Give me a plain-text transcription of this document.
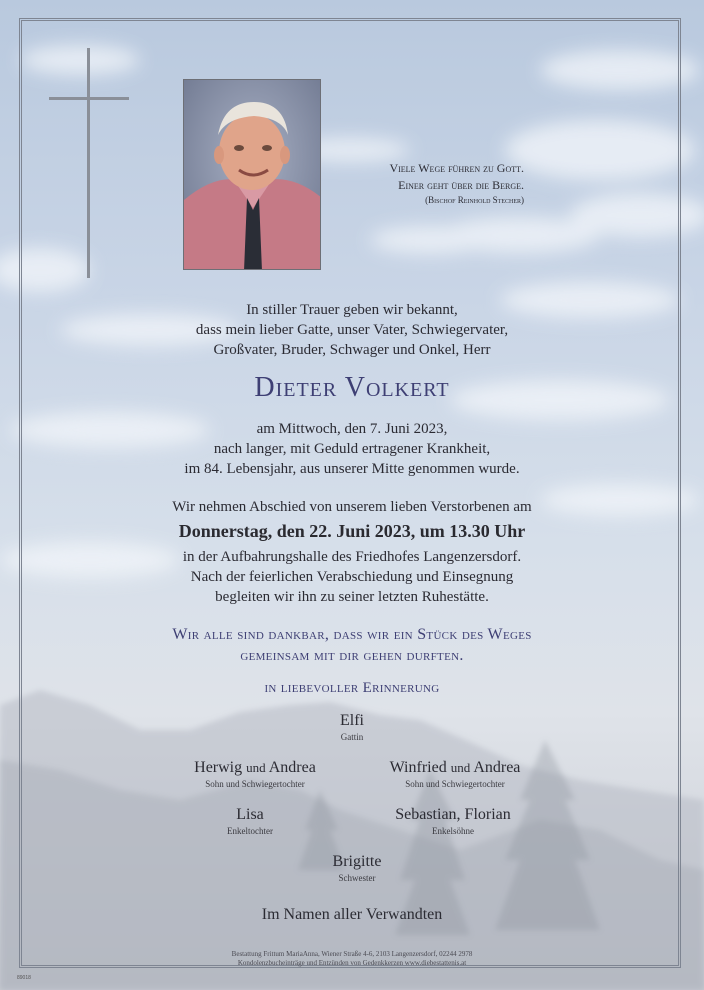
Viele Wege führen zu Gott.
Einer geht über die Berge.
(Bischof Reinhold Stecher)
In stiller Trauer geben wir bekannt,
dass mein lieber Gatte, unser Vater, Schwiegervater,
Großvater, Bruder, Schwager und Onkel, Herr
Dieter Volkert
am Mittwoch, den 7. Juni 2023,
nach langer, mit Geduld ertragener Krankheit,
im 84. Lebensjahr, aus unserer Mitte genommen wurde.
Wir nehmen Abschied von unserem lieben Verstorbenen am
Donnerstag, den 22. Juni 2023, um 13.30 Uhr
in der Aufbahrungshalle des Friedhofes Langenzersdorf.
Nach der feierlichen Verabschiedung und Einsegnung
begleiten wir ihn zu seiner letzten Ruhestätte.
Wir alle sind dankbar, dass wir ein Stück des Weges
gemeinsam mit dir gehen durften.
in liebevoller Erinnerung
Elfi
Gattin
Herwig und Andrea
Sohn und Schwiegertochter
Winfried und Andrea
Sohn und Schwiegertochter
Lisa
Enkeltochter
Sebastian, Florian
Enkelsöhne
Brigitte
Schwester
Im Namen aller Verwandten
Bestattung Frittum MariaAnna, Wiener Straße 4-6, 2103 Langenzersdorf, 02244 2978
Kondolenzbucheinträge und Entzünden von Gedenkkerzen www.diebestattenis.at
89018
